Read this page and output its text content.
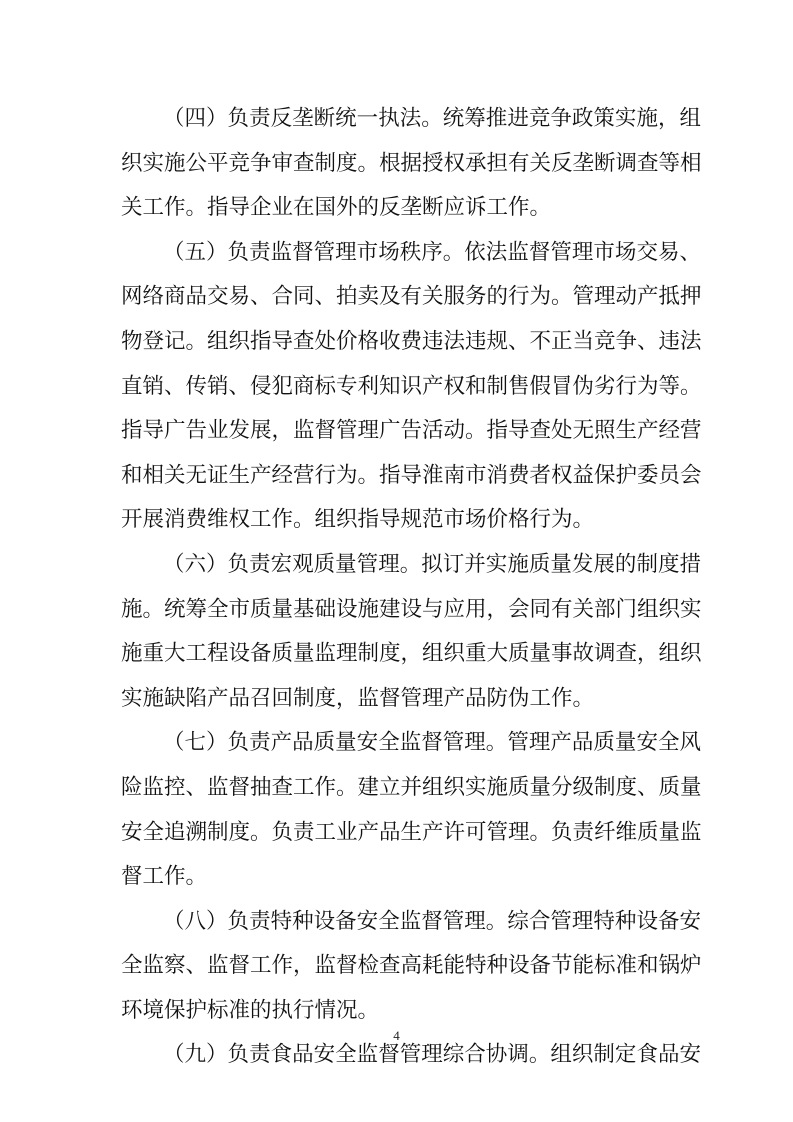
（四）负责反垄断统一执法。统筹推进竞争政策实施，组
织实施公平竞争审查制度。根据授权承担有关反垄断调查等相
关工作。指导企业在国外的反垄断应诉工作。
（五）负责监督管理市场秩序。依法监督管理市场交易、
网络商品交易、合同、拍卖及有关服务的行为。管理动产抵押
物登记。组织指导查处价格收费违法违规、不正当竞争、违法
直销、传销、侵犯商标专利知识产权和制售假冒伪劣行为等。
指导广告业发展，监督管理广告活动。指导查处无照生产经营
和相关无证生产经营行为。指导淮南市消费者权益保护委员会
开展消费维权工作。组织指导规范市场价格行为。
（六）负责宏观质量管理。拟订并实施质量发展的制度措
施。统筹全市质量基础设施建设与应用，会同有关部门组织实
施重大工程设备质量监理制度，组织重大质量事故调查，组织
实施缺陷产品召回制度，监督管理产品防伪工作。
（七）负责产品质量安全监督管理。管理产品质量安全风
险监控、监督抽查工作。建立并组织实施质量分级制度、质量
安全追溯制度。负责工业产品生产许可管理。负责纤维质量监
督工作。
（八）负责特种设备安全监督管理。综合管理特种设备安
全监察、监督工作，监督检查高耗能特种设备节能标准和锅炉
环境保护标准的执行情况。
（九）负责食品安全监督管理综合协调。组织制定食品安
4
